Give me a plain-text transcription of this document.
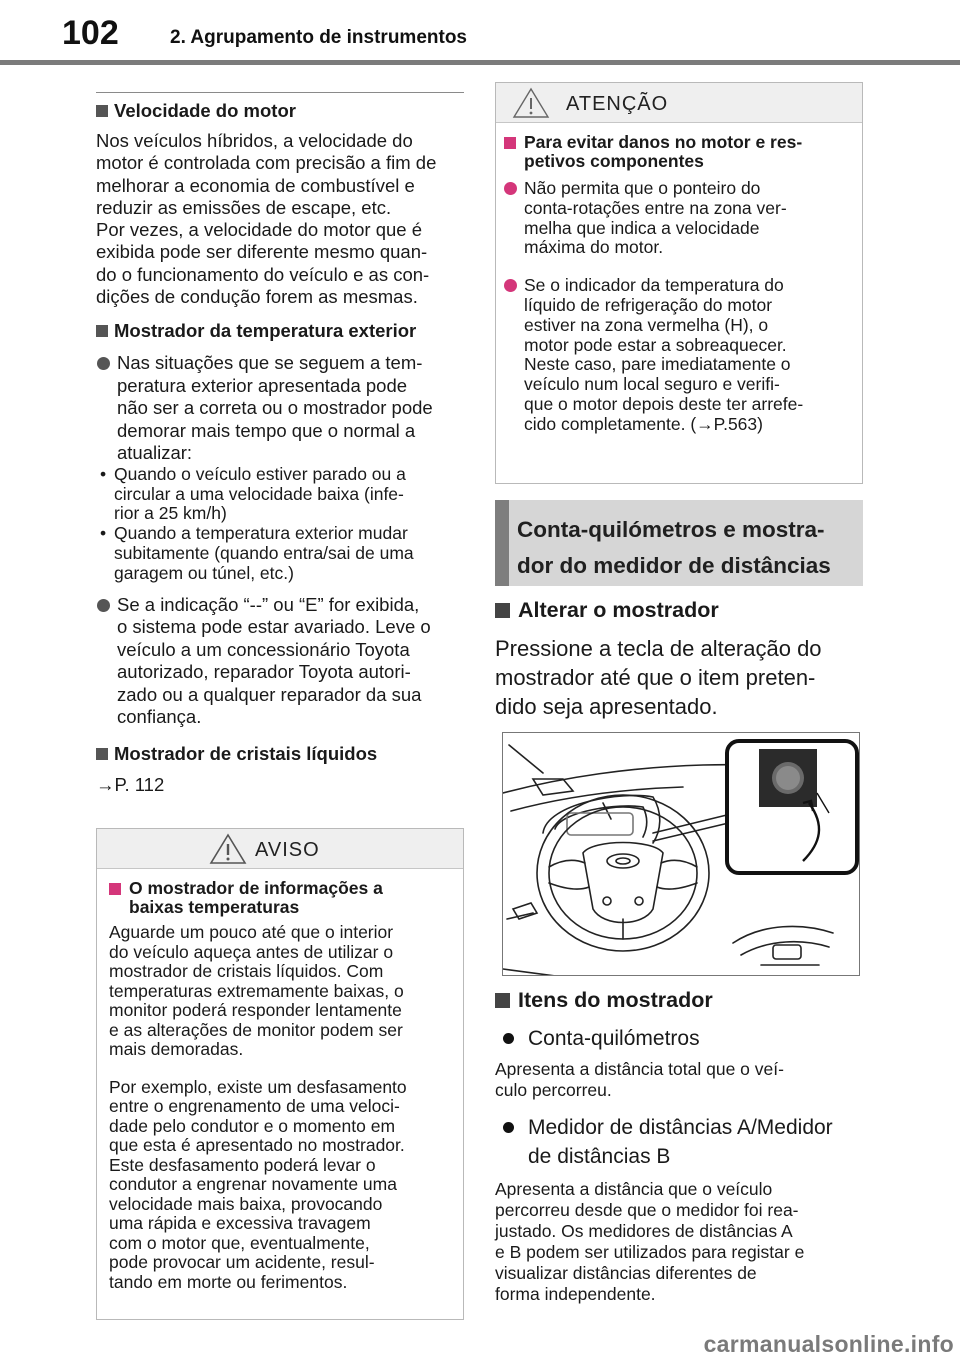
102	2. Agrupamento de instrumentos
Velocidade do motor
Nos veículos híbridos, a velocidade do
motor é controlada com precisão a fim de
melhorar a economia de combustível e
reduzir as emissões de escape, etc.
Por vezes, a velocidade do motor que é
exibida pode ser diferente mesmo quan-
do o funcionamento do veículo e as con-
dições de condução forem as mesmas.
Mostrador da temperatura exterior
Nas situações que se seguem a tem-
peratura exterior apresentada pode
não ser a correta ou o mostrador pode
demorar mais tempo que o normal a
atualizar:
• Quando o veículo estiver parado ou a
circular a uma velocidade baixa (infe-
rior a 25 km/h)
• Quando a temperatura exterior mudar
subitamente (quando entra/sai de uma
garagem ou túnel, etc.)
Se a indicação “--” ou “E” for exibida,
o sistema pode estar avariado. Leve o
veículo a um concessionário Toyota
autorizado, reparador Toyota autori-
zado ou a qualquer reparador da sua
confiança.
Mostrador de cristais líquidos
→P. 112
AVISO
O mostrador de informações a
baixas temperaturas
Aguarde um pouco até que o interior
do veículo aqueça antes de utilizar o
mostrador de cristais líquidos. Com
temperaturas extremamente baixas, o
monitor poderá responder lentamente
e as alterações de monitor podem ser
mais demoradas.
Por exemplo, existe um desfasamento
entre o engrenamento de uma veloci-
dade pelo condutor e o momento em
que esta é apresentado no mostrador.
Este desfasamento poderá levar o
condutor a engrenar novamente uma
velocidade mais baixa, provocando
uma rápida e excessiva travagem
com o motor que, eventualmente,
pode provocar um acidente, resul-
tando em morte ou ferimentos.
ATENÇÃO
Para evitar danos no motor e res-
petivos componentes
Não permita que o ponteiro do
conta-rotações entre na zona ver-
melha que indica a velocidade
máxima do motor.
Se o indicador da temperatura do
líquido de refrigeração do motor
estiver na zona vermelha (H), o
motor pode estar a sobreaquecer.
Neste caso, pare imediatamente o
veículo num local seguro e verifi-
que o motor depois deste ter arrefe-
cido completamente. (→P.563)
Conta-quilómetros e mostra-
dor do medidor de distâncias
Alterar o mostrador
Pressione a tecla de alteração do
mostrador até que o item preten-
dido seja apresentado.
Itens do mostrador
Conta-quilómetros
Apresenta a distância total que o veí-
culo percorreu.
Medidor de distâncias A/Medidor
de distâncias B
Apresenta a distância que o veículo
percorreu desde que o medidor foi rea-
justado. Os medidores de distâncias A
e B podem ser utilizados para registar e
visualizar distâncias diferentes de
forma independente.
carmanualsonline.info
